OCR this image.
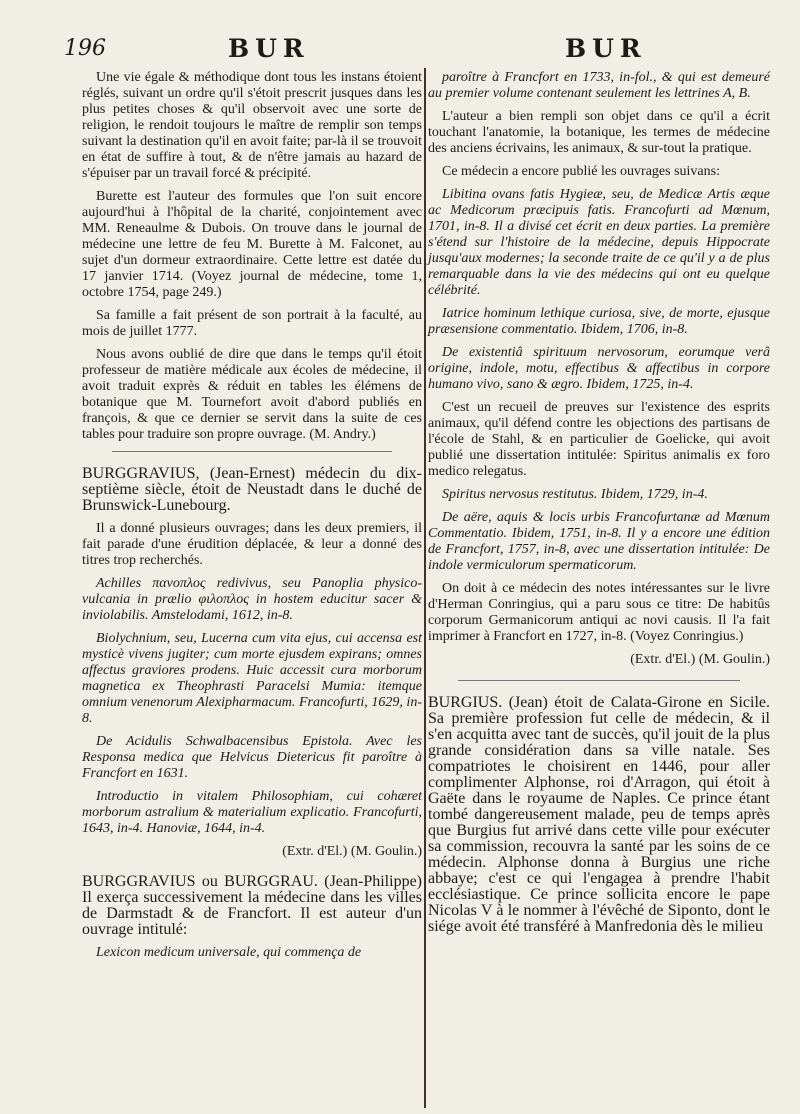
196	BUR	BUR

Une vie égale & méthodique dont tous les instans étoient réglés, suivant un ordre qu'il s'étoit prescrit jusques dans les plus petites choses & qu'il observoit avec une sorte de religion, le rendoit toujours le maître de remplir son temps suivant la destination qu'il en avoit faite; par-là il se trouvoit en état de suffire à tout, & de n'être jamais au hazard de s'épuiser par un travail forcé & précipité.

Burette est l'auteur des formules que l'on suit encore aujourd'hui à l'hôpital de la charité, conjointement avec MM. Reneaulme & Dubois. On trouve dans le journal de médecine une lettre de feu M. Burette à M. Falconet, au sujet d'un dormeur extraordinaire. Cette lettre est datée du 17 janvier 1714. (Voyez journal de médecine, tome 1, octobre 1754, page 249.)

Sa famille a fait présent de son portrait à la faculté, au mois de juillet 1777.

Nous avons oublié de dire que dans le temps qu'il étoit professeur de matière médicale aux écoles de médecine, il avoit traduit exprès & réduit en tables les élémens de botanique que M. Tournefort avoit d'abord publiés en françois, & que ce dernier se servit dans la suite de ces tables pour traduire son propre ouvrage. (M. Andry.)

BURGGRAVIUS, (Jean-Ernest) médecin du dix-septième siècle, étoit de Neustadt dans le duché de Brunswick-Lunebourg.

Il a donné plusieurs ouvrages; dans les deux premiers, il fait parade d'une érudition déplacée, & leur a donné des titres trop recherchés.

Achilles πανοπλος redivivus, seu Panoplia physico-vulcania in prælio φιλοπλος in hostem educitur sacer & inviolabilis. Amstelodami, 1612, in-8.

Biolychnium, seu, Lucerna cum vita ejus, cui accensa est mysticè vivens jugiter; cum morte ejusdem expirans; omnes affectus graviores prodens. Huic accessit cura morborum magnetica ex Theophrasti Paracelsi Mumia: itemque omnium venenorum Alexipharmacum. Francofurti, 1629, in-8.

De Acidulis Schwalbacensibus Epistola. Avec les Responsa medica que Helvicus Dietericus fit paroître à Francfort en 1631.

Introductio in vitalem Philosophiam, cui cohæret morborum astralium & materialium explicatio. Francofurti, 1643, in-4. Hanoviæ, 1644, in-4.

(Extr. d'El.) (M. Goulin.)

BURGGRAVIUS ou BURGGRAU. (Jean-Philippe) Il exerça successivement la médecine dans les villes de Darmstadt & de Francfort. Il est auteur d'un ouvrage intitulé:

Lexicon medicum universale, qui commença de

paroître à Francfort en 1733, in-fol., & qui est demeuré au premier volume contenant seulement les lettrines A, B.

L'auteur a bien rempli son objet dans ce qu'il a écrit touchant l'anatomie, la botanique, les termes de médecine des anciens écrivains, les animaux, & sur-tout la pratique.

Ce médecin a encore publié les ouvrages suivans:

Libitina ovans fatis Hygieæ, seu, de Medicæ Artis æque ac Medicorum præcipuis fatis. Francofurti ad Mœnum, 1701, in-8. Il a divisé cet écrit en deux parties. La première s'étend sur l'histoire de la médecine, depuis Hippocrate jusqu'aux modernes; la seconde traite de ce qu'il y a de plus remarquable dans la vie des médecins qui ont eu quelque célébrité.

Iatrice hominum lethique curiosa, sive, de morte, ejusque præsensione commentatio. Ibidem, 1706, in-8.

De existentiâ spirituum nervosorum, eorumque verâ origine, indole, motu, effectibus & affectibus in corpore humano vivo, sano & ægro. Ibidem, 1725, in-4.

C'est un recueil de preuves sur l'existence des esprits animaux, qu'il défend contre les objections des partisans de l'école de Stahl, & en particulier de Goelicke, qui avoit publié une dissertation intitulée: Spiritus animalis ex foro medico relegatus.

Spiritus nervosus restitutus. Ibidem, 1729, in-4.

De aëre, aquis & locis urbis Francofurtanæ ad Mœnum Commentatio. Ibidem, 1751, in-8. Il y a encore une édition de Francfort, 1757, in-8, avec une dissertation intitulée: De indole vermiculorum spermaticorum.

On doit à ce médecin des notes intéressantes sur le livre d'Herman Conringius, qui a paru sous ce titre: De habitûs corporum Germanicorum antiqui ac novi causis. Il l'a fait imprimer à Francfort en 1727, in-8. (Voyez Conringius.)

(Extr. d'El.) (M. Goulin.)

BURGIUS. (Jean) étoit de Calata-Girone en Sicile. Sa première profession fut celle de médecin, & il s'en acquitta avec tant de succès, qu'il jouit de la plus grande considération dans sa ville natale. Ses compatriotes le choisirent en 1446, pour aller complimenter Alphonse, roi d'Arragon, qui étoit à Gaëte dans le royaume de Naples. Ce prince étant tombé dangereusement malade, peu de temps après que Burgius fut arrivé dans cette ville pour exécuter sa commission, recouvra la santé par les soins de ce médecin. Alphonse donna à Burgius une riche abbaye; c'est ce qui l'engagea à prendre l'habit ecclésiastique. Ce prince sollicita encore le pape Nicolas V à le nommer à l'évêché de Siponto, dont le siége avoit été transféré à Manfredonia dès le milieu
